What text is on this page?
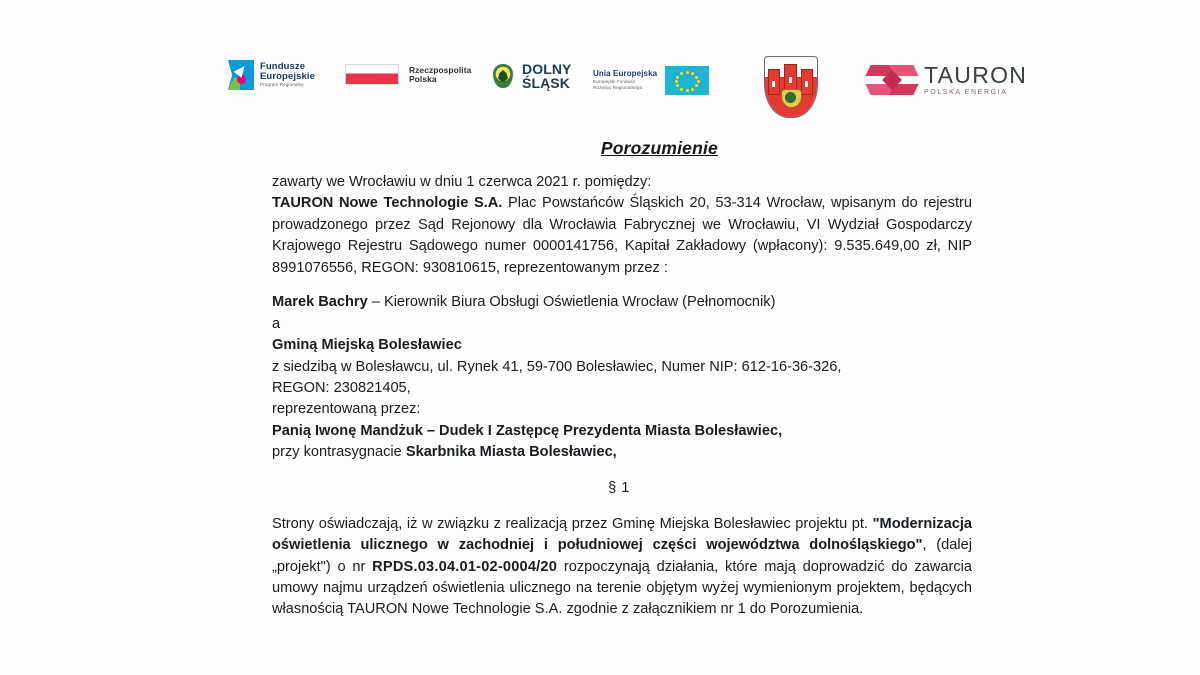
Fundusze
Europejskie
Program Regionalny
Rzeczpospolita
Polska
DOLNY
ŚLĄSK
Unia Europejska
Europejski Fundusz
Rozwoju Regionalnego	TAURON
POLSKA ENERGIA
Porozumienie
zawarty we Wrocławiu w dniu 1 czerwca 2021 r. pomiędzy:
TAURON Nowe Technologie S.A. Plac Powstańców Śląskich 20, 53-314 Wrocław, wpisanym do rejestru prowadzonego przez Sąd Rejonowy dla Wrocławia Fabrycznej we Wrocławiu, VI Wydział Gospodarczy Krajowego Rejestru Sądowego numer 0000141756, Kapitał Zakładowy (wpłacony): 9.535.649,00 zł, NIP 8991076556, REGON: 930810615, reprezentowanym przez :
Marek Bachry – Kierownik Biura Obsługi Oświetlenia Wrocław (Pełnomocnik)
a
Gminą Miejską Bolesławiec
z siedzibą w Bolesławcu, ul. Rynek 41, 59-700 Bolesławiec, Numer NIP: 612-16-36-326,
REGON: 230821405,
reprezentowaną przez:
Panią Iwonę Mandżuk – Dudek I Zastępcę Prezydenta Miasta Bolesławiec,
przy kontrasygnacie Skarbnika Miasta Bolesławiec,
§ 1
Strony oświadczają, iż w związku z realizacją przez Gminę Miejska Bolesławiec projektu pt. "Modernizacja oświetlenia ulicznego w zachodniej i południowej części województwa dolnośląskiego", (dalej „projekt") o nr RPDS.03.04.01-02-0004/20 rozpoczynają działania, które mają doprowadzić do zawarcia umowy najmu urządzeń oświetlenia ulicznego na terenie objętym wyżej wymienionym projektem, będących własnością TAURON Nowe Technologie S.A. zgodnie z załącznikiem nr 1 do Porozumienia.
